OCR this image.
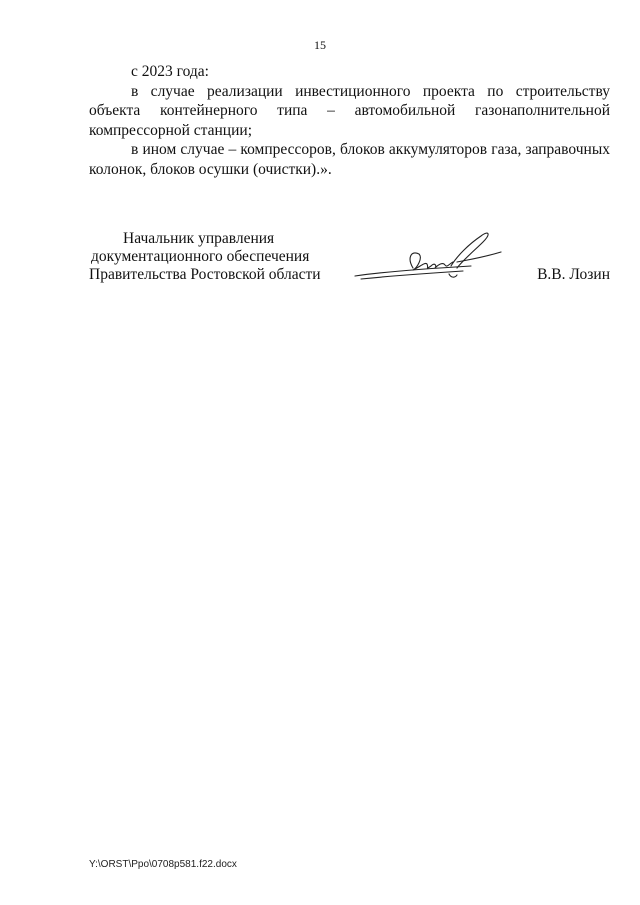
15

с 2023 года:

в случае реализации инвестиционного проекта по строительству объекта контейнерного типа – автомобильной газонаполнительной компрессорной станции;

в ином случае – компрессоров, блоков аккумуляторов газа, заправочных колонок, блоков осушки (очистки).».

Начальник управления
документационного обеспечения
Правительства Ростовской области	В.В. Лозин
Y:\ORST\Ppo\0708p581.f22.docx
